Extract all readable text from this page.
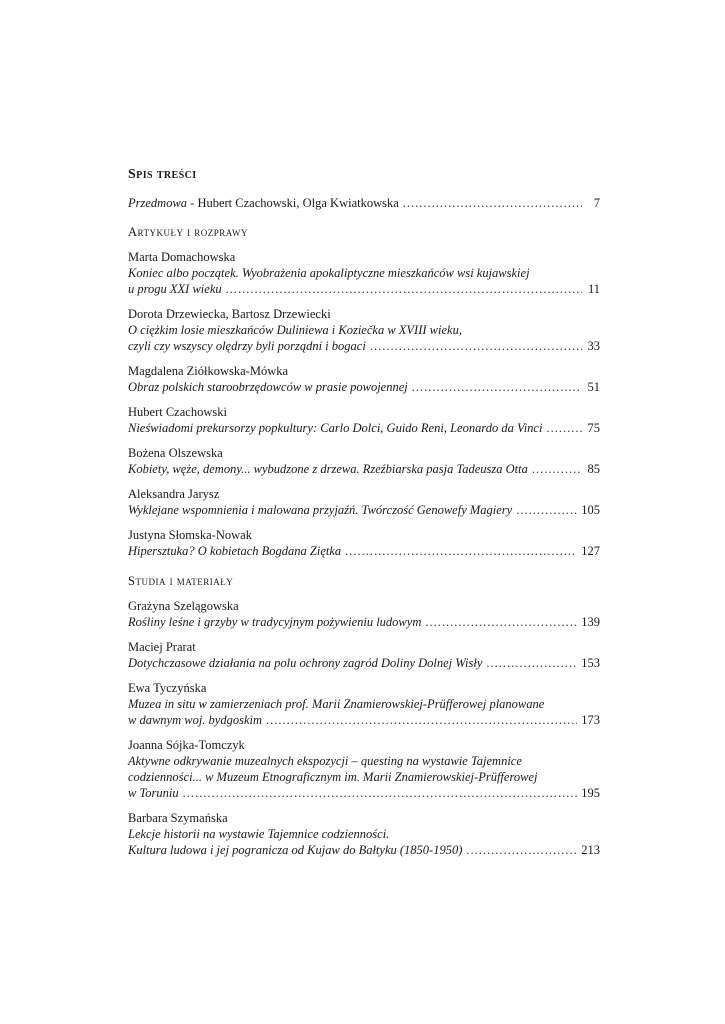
Spis treści
Przedmowa - Hubert Czachowski, Olga Kwiatkowska .....	7
Artykuły i rozprawy
Marta Domachowska
Koniec albo początek. Wyobrażenia apokaliptyczne mieszkańców wsi kujawskiej
u progu XXI wieku .....	11
Dorota Drzewiecka, Bartosz Drzewiecki
O ciężkim losie mieszkańców Duliniewa i Koziečka w XVIII wieku,
czyli czy wszyscy olędrzy byli porządni i bogaci .....	33
Magdalena Ziółkowska-Mówka
Obraz polskich staroobrzędowców w prasie powojennej .....	51
Hubert Czachowski
Nieświadomi prekursorzy popkultury: Carlo Dolci, Guido Reni, Leonardo da Vinci .....	75
Bożena Olszewska
Kobiety, węże, demony... wybudzone z drzewa. Rzeźbiarska pasja Tadeusza Otta .....	85
Aleksandra Jarysz
Wyklejane wspomnienia i malowana przyjaźń. Twórczość Genowefy Magiery .....	105
Justyna Słomska-Nowak
Hipersztuka? O kobietach Bogdana Ziętka .....	127
Studia i materiały
Grażyna Szelągowska
Rośliny leśne i grzyby w tradycyjnym pożywieniu ludowym .....	139
Maciej Prarat
Dotychczasowe działania na polu ochrony zagród Doliny Dolnej Wisły .....	153
Ewa Tyczyńska
Muzea in situ w zamierzeniach prof. Marii Znamierowskiej-Prüfferowej planowane
w dawnym woj. bydgoskim .....	173
Joanna Sójka-Tomczyk
Aktywne odkrywanie muzealnych ekspozycji – questing na wystawie Tajemnice
codzienności... w Muzeum Etnograficznym im. Marii Znamierowskiej-Prüfferowej
w Toruniu .....	195
Barbara Szymańska
Lekcje historii na wystawie Tajemnice codzienności.
Kultura ludowa i jej pogranicza od Kujaw do Bałtyku (1850-1950) .....	213
